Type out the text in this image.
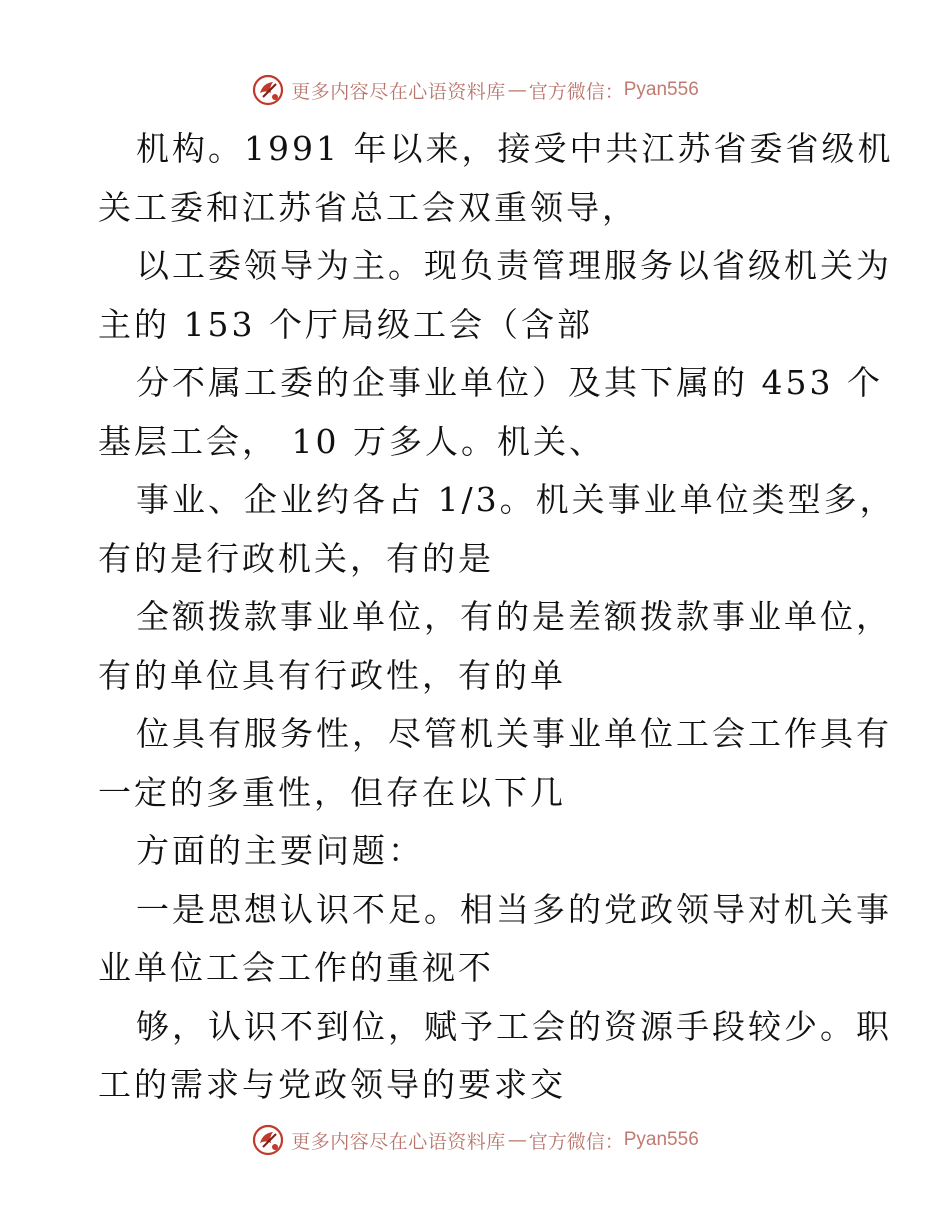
更多内容尽在心语资料库 — 官方微信： Pyan556
机构。1991 年以来，接受中共江苏省委省级机
关工委和江苏省总工会双重领导，
以工委领导为主。现负责管理服务以省级机关为
主的 153 个厅局级工会（含部
分不属工委的企事业单位）及其下属的 453 个
基层工会， 10 万多人。机关、
事业、企业约各占 1/3。机关事业单位类型多，
有的是行政机关，有的是
全额拨款事业单位，有的是差额拨款事业单位，
有的单位具有行政性，有的单
位具有服务性，尽管机关事业单位工会工作具有
一定的多重性，但存在以下几
方面的主要问题：
一是思想认识不足。相当多的党政领导对机关事
业单位工会工作的重视不
够，认识不到位，赋予工会的资源手段较少。职
工的需求与党政领导的要求交
更多内容尽在心语资料库 — 官方微信： Pyan556
